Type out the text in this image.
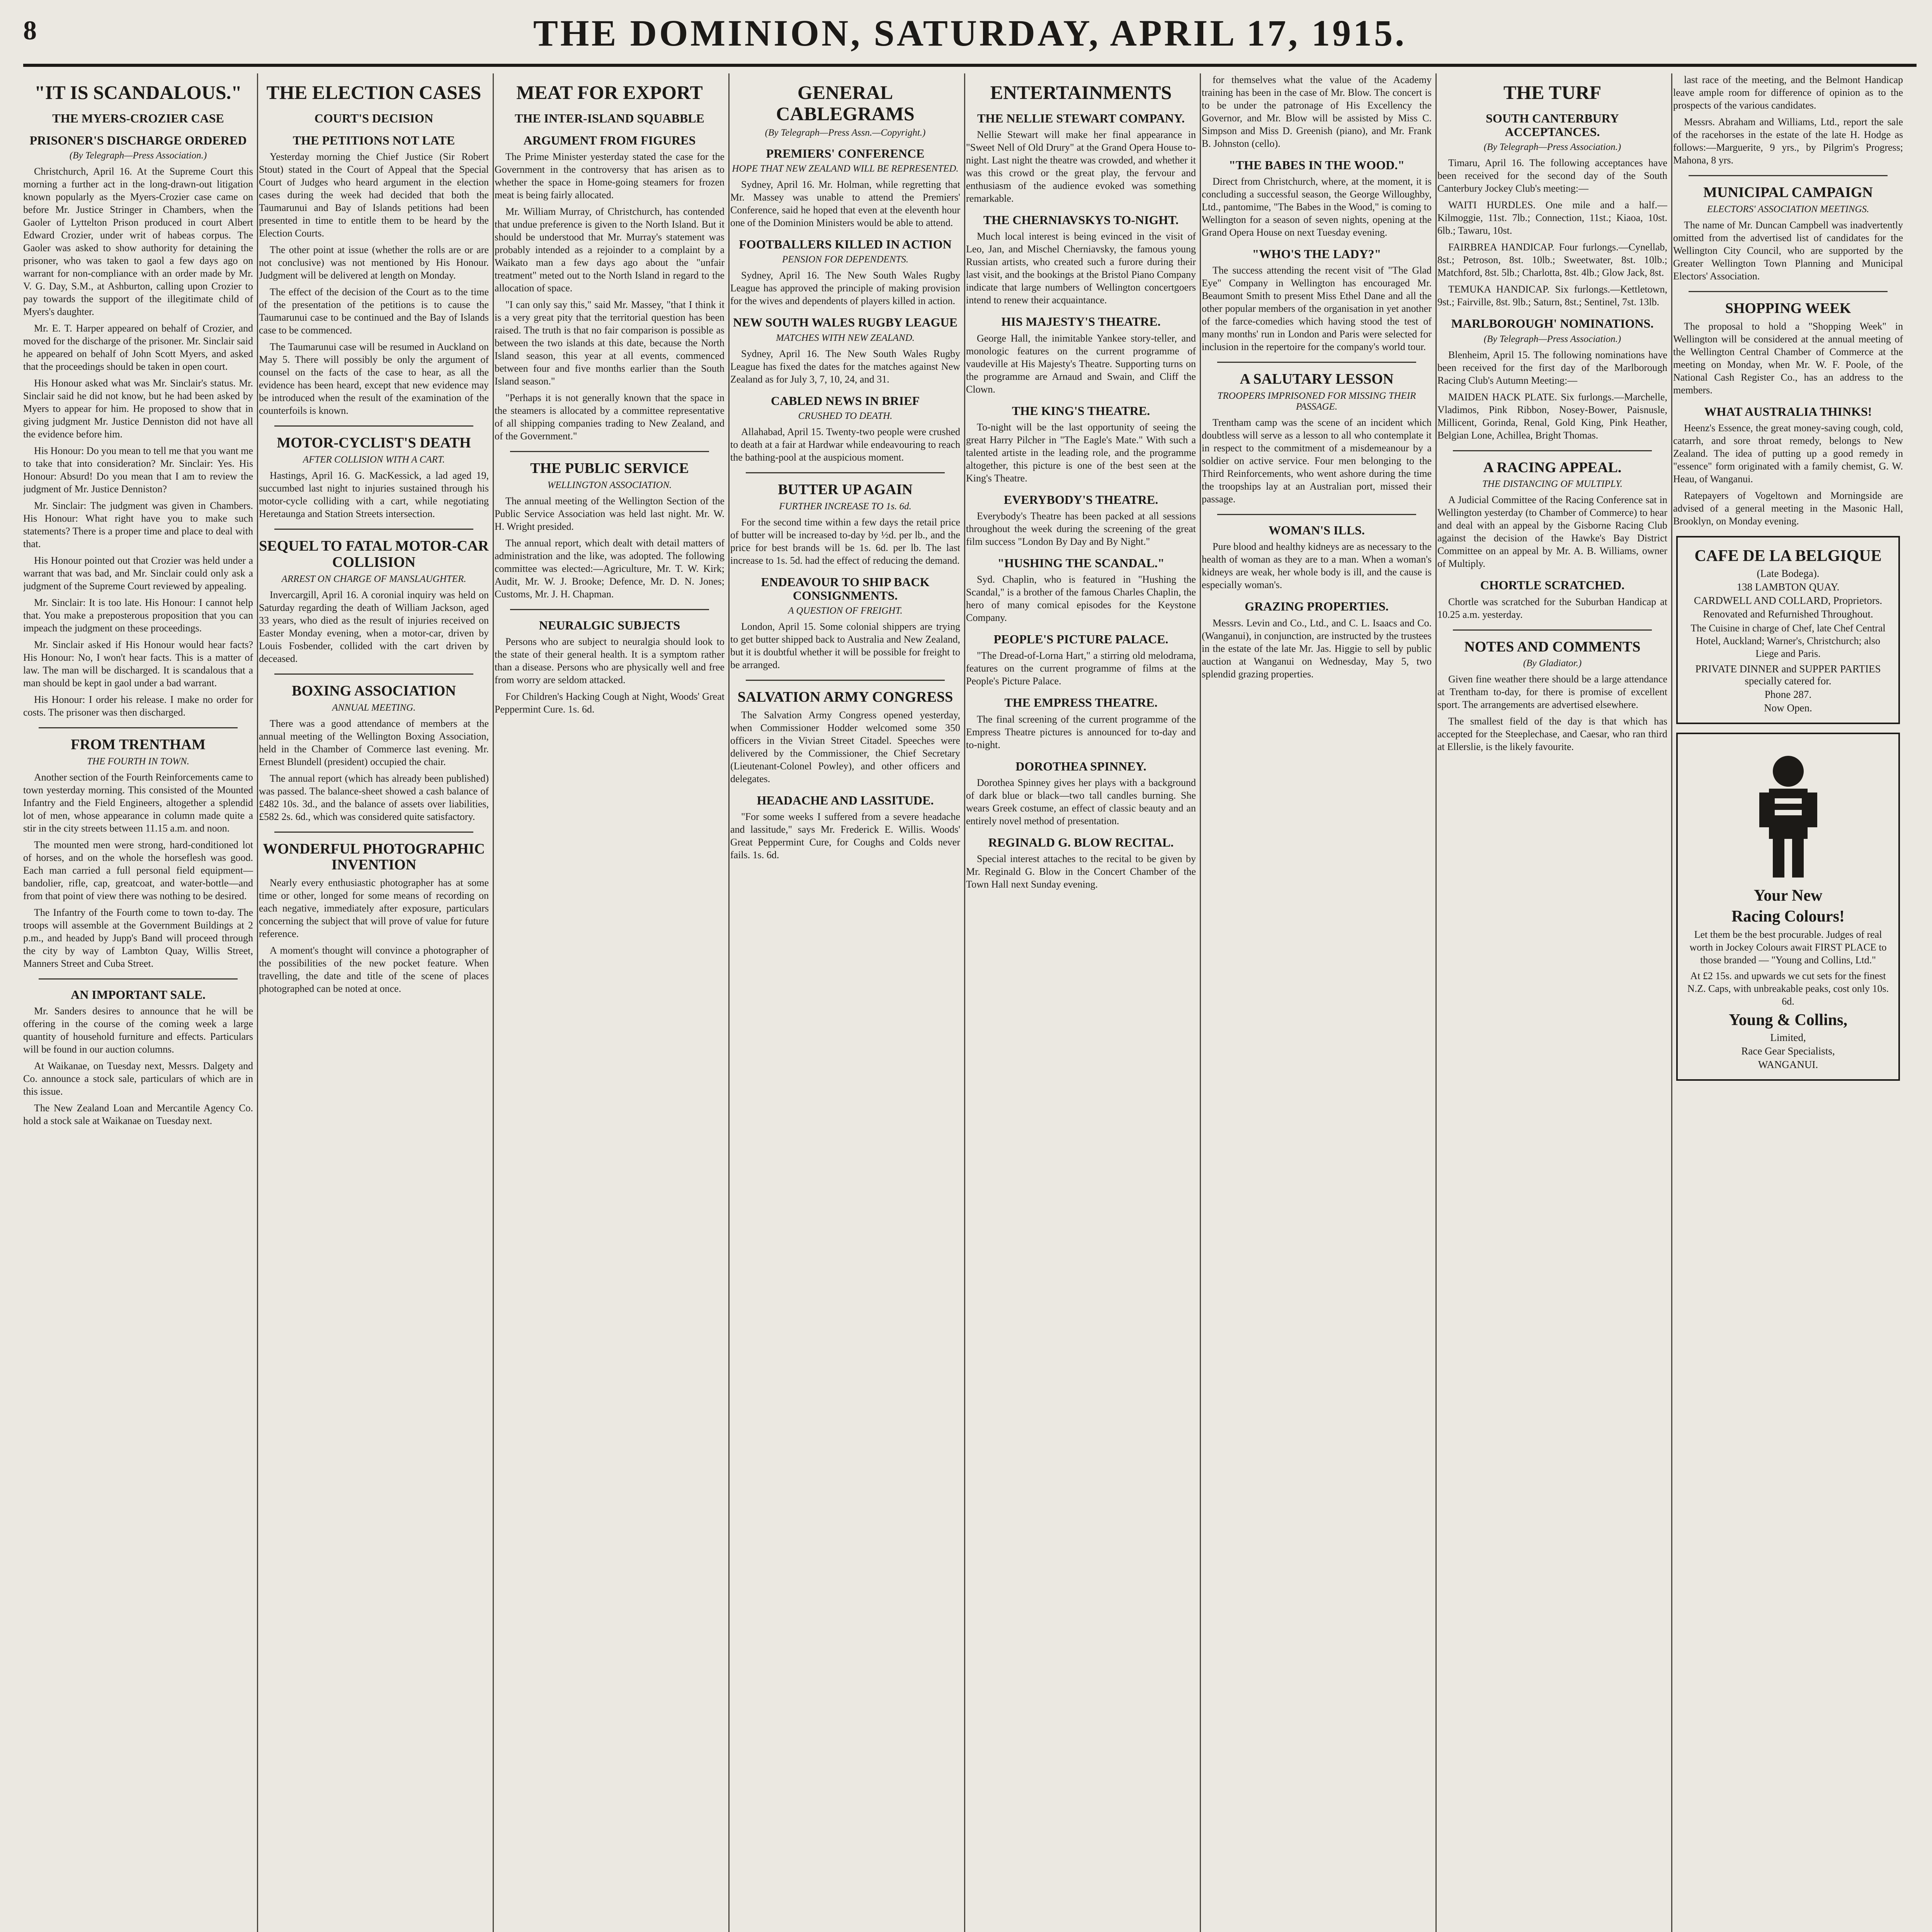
8	THE DOMINION, SATURDAY, APRIL 17, 1915.
"IT IS SCANDALOUS."
THE MYERS-CROZIER CASE
PRISONER'S DISCHARGE ORDERED
(By Telegraph—Press Association.)

Christchurch, April 16. At the Supreme Court this morning a further act in the long-drawn-out litigation known popularly as the Myers-Crozier case came on before Mr. Justice Stringer in Chambers, when the Gaoler of Lyttelton Prison produced in court Albert Edward Crozier, under writ of habeas corpus. The Gaoler was asked to show authority for detaining the prisoner, who was taken to gaol a few days ago on warrant for non-compliance with an order made by Mr. V. G. Day, S.M., at Ashburton, calling upon Crozier to pay towards the support of the illegitimate child of Myers's daughter.

Mr. E. T. Harper appeared on behalf of Crozier, and moved for the discharge of the prisoner. Mr. Sinclair said he appeared on behalf of John Scott Myers, and asked that the proceedings should be taken in open court.

His Honour asked what was Mr. Sinclair's status. Mr. Sinclair said he did not know, but he had been asked by Myers to appear for him. He proposed to show that in giving judgment Mr. Justice Denniston did not have all the evidence before him.

His Honour: Do you mean to tell me that you want me to take that into consideration? Mr. Sinclair: Yes. His Honour: Absurd! Do you mean that I am to review the judgment of Mr. Justice Denniston?

Mr. Sinclair: The judgment was given in Chambers. His Honour: What right have you to make such statements? There is a proper time and place to deal with that.

His Honour pointed out that Crozier was held under a warrant that was bad, and Mr. Sinclair could only ask a judgment of the Supreme Court reviewed by appealing.

Mr. Sinclair: It is too late. His Honour: I cannot help that. You make a preposterous proposition that you can impeach the judgment on these proceedings.

Mr. Sinclair asked if His Honour would hear facts? His Honour: No, I won't hear facts. This is a matter of law. The man will be discharged. It is scandalous that a man should be kept in gaol under a bad warrant.

His Honour: I order his release. I make no order for costs. The prisoner was then discharged.

FROM TRENTHAM
THE FOURTH IN TOWN.

Another section of the Fourth Reinforcements came to town yesterday morning. This consisted of the Mounted Infantry and the Field Engineers, altogether a splendid lot of men, whose appearance in column made quite a stir in the city streets between 11.15 a.m. and noon.

The mounted men were strong, hard-conditioned lot of horses, and on the whole the horseflesh was good. Each man carried a full personal field equipment—bandolier, rifle, cap, greatcoat, and water-bottle—and from that point of view there was nothing to be desired.

The Infantry of the Fourth come to town to-day. The troops will assemble at the Government Buildings at 2 p.m., and headed by Jupp's Band will proceed through the city by way of Lambton Quay, Willis Street, Manners Street and Cuba Street.

AN IMPORTANT SALE.

Mr. Sanders desires to announce that he will be offering in the course of the coming week a large quantity of household furniture and effects. Particulars will be found in our auction columns.

At Waikanae, on Tuesday next, Messrs. Dalgety and Co. announce a stock sale, particulars of which are in this issue.

The New Zealand Loan and Mercantile Agency Co. hold a stock sale at Waikanae on Tuesday next.

THE ELECTION CASES
COURT'S DECISION
THE PETITIONS NOT LATE

Yesterday morning the Chief Justice (Sir Robert Stout) stated in the Court of Appeal that the Special Court of Judges who heard argument in the election cases during the week had decided that both the Taumarunui and Bay of Islands petitions had been presented in time to entitle them to be heard by the Election Courts.

The other point at issue (whether the rolls are or are not conclusive) was not mentioned by His Honour. Judgment will be delivered at length on Monday.

The effect of the decision of the Court as to the time of the presentation of the petitions is to cause the Taumarunui case to be continued and the Bay of Islands case to be commenced.

The Taumarunui case will be resumed in Auckland on May 5. There will possibly be only the argument of counsel on the facts of the case to hear, as all the evidence has been heard, except that new evidence may be introduced when the result of the examination of the counterfoils is known.

MOTOR-CYCLIST'S DEATH
AFTER COLLISION WITH A CART.

Hastings, April 16. G. MacKessick, a lad aged 19, succumbed last night to injuries sustained through his motor-cycle colliding with a cart, while negotiating Heretaunga and Station Streets intersection.

SEQUEL TO FATAL MOTOR-CAR COLLISION
ARREST ON CHARGE OF MANSLAUGHTER.

Invercargill, April 16. A coronial inquiry was held on Saturday regarding the death of William Jackson, aged 33 years, who died as the result of injuries received on Easter Monday evening, when a motor-car, driven by Louis Fosbender, collided with the cart driven by deceased.

BOXING ASSOCIATION
ANNUAL MEETING.

There was a good attendance of members at the annual meeting of the Wellington Boxing Association, held in the Chamber of Commerce last evening. Mr. Ernest Blundell (president) occupied the chair.

The annual report (which has already been published) was passed. The balance-sheet showed a cash balance of £482 10s. 3d., and the balance of assets over liabilities, £582 2s. 6d., which was considered quite satisfactory.

WONDERFUL PHOTOGRAPHIC INVENTION

Nearly every enthusiastic photographer has at some time or other, longed for some means of recording on each negative, immediately after exposure, particulars concerning the subject that will prove of value for future reference.

A moment's thought will convince a photographer of the possibilities of the new pocket feature. When travelling, the date and title of the scene of places photographed can be noted at once.

MEAT FOR EXPORT
THE INTER-ISLAND SQUABBLE
ARGUMENT FROM FIGURES

The Prime Minister yesterday stated the case for the Government in the controversy that has arisen as to whether the space in Home-going steamers for frozen meat is being fairly allocated.

Mr. William Murray, of Christchurch, has contended that undue preference is given to the North Island. But it should be understood that Mr. Murray's statement was probably intended as a rejoinder to a complaint by a Waikato man a few days ago about the "unfair treatment" meted out to the North Island in regard to the allocation of space.

"I can only say this," said Mr. Massey, "that I think it is a very great pity that the territorial question has been raised. The truth is that no fair comparison is possible as between the two islands at this date, because the North Island season, this year at all events, commenced between four and five months earlier than the South Island season."

"Perhaps it is not generally known that the space in the steamers is allocated by a committee representative of all shipping companies trading to New Zealand, and of the Government."

THE PUBLIC SERVICE
WELLINGTON ASSOCIATION.

The annual meeting of the Wellington Section of the Public Service Association was held last night. Mr. W. H. Wright presided.

The annual report, which dealt with detail matters of administration and the like, was adopted. The following committee was elected:—Agriculture, Mr. T. W. Kirk; Audit, Mr. W. J. Brooke; Defence, Mr. D. N. Jones; Customs, Mr. J. H. Chapman.

NEURALGIC SUBJECTS

Persons who are subject to neuralgia should look to the state of their general health. It is a symptom rather than a disease. Persons who are physically well and free from worry are seldom attacked.

For Children's Hacking Cough at Night, Woods' Great Peppermint Cure. 1s. 6d.

GENERAL CABLEGRAMS
(By Telegraph—Press Assn.—Copyright.)
PREMIERS' CONFERENCE
HOPE THAT NEW ZEALAND WILL BE REPRESENTED.

Sydney, April 16. Mr. Holman, while regretting that Mr. Massey was unable to attend the Premiers' Conference, said he hoped that even at the eleventh hour one of the Dominion Ministers would be able to attend.

FOOTBALLERS KILLED IN ACTION
PENSION FOR DEPENDENTS.

Sydney, April 16. The New South Wales Rugby League has approved the principle of making provision for the wives and dependents of players killed in action.

NEW SOUTH WALES RUGBY LEAGUE
MATCHES WITH NEW ZEALAND.

Sydney, April 16. The New South Wales Rugby League has fixed the dates for the matches against New Zealand as for July 3, 7, 10, 24, and 31.

CABLED NEWS IN BRIEF
CRUSHED TO DEATH.

Allahabad, April 15. Twenty-two people were crushed to death at a fair at Hardwar while endeavouring to reach the bathing-pool at the auspicious moment.

BUTTER UP AGAIN
FURTHER INCREASE TO 1s. 6d.

For the second time within a few days the retail price of butter will be increased to-day by ½d. per lb., and the price for best brands will be 1s. 6d. per lb. The last increase to 1s. 5d. had the effect of reducing the demand.

ENDEAVOUR TO SHIP BACK CONSIGNMENTS.
A QUESTION OF FREIGHT.

London, April 15. Some colonial shippers are trying to get butter shipped back to Australia and New Zealand, but it is doubtful whether it will be possible for freight to be arranged.

SALVATION ARMY CONGRESS

The Salvation Army Congress opened yesterday, when Commissioner Hodder welcomed some 350 officers in the Vivian Street Citadel. Speeches were delivered by the Commissioner, the Chief Secretary (Lieutenant-Colonel Powley), and other officers and delegates.

HEADACHE AND LASSITUDE.

"For some weeks I suffered from a severe headache and lassitude," says Mr. Frederick E. Willis. Woods' Great Peppermint Cure, for Coughs and Colds never fails. 1s. 6d.

ENTERTAINMENTS
THE NELLIE STEWART COMPANY.

Nellie Stewart will make her final appearance in "Sweet Nell of Old Drury" at the Grand Opera House to-night. Last night the theatre was crowded, and whether it was this crowd or the great play, the fervour and enthusiasm of the audience evoked was something remarkable.

THE CHERNIAVSKYS TO-NIGHT.

Much local interest is being evinced in the visit of Leo, Jan, and Mischel Cherniavsky, the famous young Russian artists, who created such a furore during their last visit, and the bookings at the Bristol Piano Company indicate that large numbers of Wellington concertgoers intend to renew their acquaintance.

HIS MAJESTY'S THEATRE.

George Hall, the inimitable Yankee story-teller, and monologic features on the current programme of vaudeville at His Majesty's Theatre. Supporting turns on the programme are Arnaud and Swain, and Cliff the Clown.

THE KING'S THEATRE.

To-night will be the last opportunity of seeing the great Harry Pilcher in "The Eagle's Mate." With such a talented artiste in the leading role, and the programme altogether, this picture is one of the best seen at the King's Theatre.

EVERYBODY'S THEATRE.

Everybody's Theatre has been packed at all sessions throughout the week during the screening of the great film success "London By Day and By Night."

"HUSHING THE SCANDAL."

Syd. Chaplin, who is featured in "Hushing the Scandal," is a brother of the famous Charles Chaplin, the hero of many comical episodes for the Keystone Company.

PEOPLE'S PICTURE PALACE.

"The Dread-of-Lorna Hart," a stirring old melodrama, features on the current programme of films at the People's Picture Palace.

THE EMPRESS THEATRE.

The final screening of the current programme of the Empress Theatre pictures is announced for to-day and to-night.

DOROTHEA SPINNEY.

Dorothea Spinney gives her plays with a background of dark blue or black—two tall candles burning. She wears Greek costume, an effect of classic beauty and an entirely novel method of presentation.

REGINALD G. BLOW RECITAL.

Special interest attaches to the recital to be given by Mr. Reginald G. Blow in the Concert Chamber of the Town Hall next Sunday evening.

for themselves what the value of the Academy training has been in the case of Mr. Blow. The concert is to be under the patronage of His Excellency the Governor, and Mr. Blow will be assisted by Miss C. Simpson and Miss D. Greenish (piano), and Mr. Frank B. Johnston (cello).

"THE BABES IN THE WOOD."

Direct from Christchurch, where, at the moment, it is concluding a successful season, the George Willoughby, Ltd., pantomime, "The Babes in the Wood," is coming to Wellington for a season of seven nights, opening at the Grand Opera House on next Tuesday evening.

"WHO'S THE LADY?"

The success attending the recent visit of "The Glad Eye" Company in Wellington has encouraged Mr. Beaumont Smith to present Miss Ethel Dane and all the other popular members of the organisation in yet another of the farce-comedies which having stood the test of many months' run in London and Paris were selected for inclusion in the repertoire for the company's world tour.

A SALUTARY LESSON
TROOPERS IMPRISONED FOR MISSING THEIR PASSAGE.

Trentham camp was the scene of an incident which doubtless will serve as a lesson to all who contemplate it in respect to the commitment of a misdemeanour by a soldier on active service. Four men belonging to the Third Reinforcements, who went ashore during the time the troopships lay at an Australian port, missed their passage.

WOMAN'S ILLS.

Pure blood and healthy kidneys are as necessary to the health of woman as they are to a man. When a woman's kidneys are weak, her whole body is ill, and the cause is especially woman's.

GRAZING PROPERTIES.

Messrs. Levin and Co., Ltd., and C. L. Isaacs and Co. (Wanganui), in conjunction, are instructed by the trustees in the estate of the late Mr. Jas. Higgie to sell by public auction at Wanganui on Wednesday, May 5, two splendid grazing properties.

THE TURF
SOUTH CANTERBURY ACCEPTANCES.
(By Telegraph—Press Association.)

Timaru, April 16. The following acceptances have been received for the second day of the South Canterbury Jockey Club's meeting:—

WAITI HURDLES. One mile and a half.—Kilmoggie, 11st. 7lb.; Connection, 11st.; Kiaoa, 10st. 6lb.; Tawaru, 10st.

FAIRBREA HANDICAP. Four furlongs.—Cynellab, 8st.; Petroson, 8st. 10lb.; Sweetwater, 8st. 10lb.; Matchford, 8st. 5lb.; Charlotta, 8st. 4lb.; Glow Jack, 8st.

TEMUKA HANDICAP. Six furlongs.—Kettletown, 9st.; Fairville, 8st. 9lb.; Saturn, 8st.; Sentinel, 7st. 13lb.

MARLBOROUGH' NOMINATIONS.
(By Telegraph—Press Association.)

Blenheim, April 15. The following nominations have been received for the first day of the Marlborough Racing Club's Autumn Meeting:—

MAIDEN HACK PLATE. Six furlongs.—Marchelle, Vladimos, Pink Ribbon, Nosey-Bower, Paisnusle, Millicent, Gorinda, Renal, Gold King, Pink Heather, Belgian Lone, Achillea, Bright Thomas.

A RACING APPEAL.
THE DISTANCING OF MULTIPLY.

A Judicial Committee of the Racing Conference sat in Wellington yesterday (to Chamber of Commerce) to hear and deal with an appeal by the Gisborne Racing Club against the decision of the Hawke's Bay District Committee on an appeal by Mr. A. B. Williams, owner of Multiply.

CHORTLE SCRATCHED.

Chortle was scratched for the Suburban Handicap at 10.25 a.m. yesterday.

NOTES AND COMMENTS
(By Gladiator.)

Given fine weather there should be a large attendance at Trentham to-day, for there is promise of excellent sport. The arrangements are advertised elsewhere.

The smallest field of the day is that which has accepted for the Steeplechase, and Caesar, who ran third at Ellerslie, is the likely favourite.

last race of the meeting, and the Belmont Handicap leave ample room for difference of opinion as to the prospects of the various candidates.

Messrs. Abraham and Williams, Ltd., report the sale of the racehorses in the estate of the late H. Hodge as follows:—Marguerite, 9 yrs., by Pilgrim's Progress; Mahona, 8 yrs.

MUNICIPAL CAMPAIGN
ELECTORS' ASSOCIATION MEETINGS.

The name of Mr. Duncan Campbell was inadvertently omitted from the advertised list of candidates for the Wellington City Council, who are supported by the Greater Wellington Town Planning and Municipal Electors' Association.

SHOPPING WEEK

The proposal to hold a "Shopping Week" in Wellington will be considered at the annual meeting of the Wellington Central Chamber of Commerce at the meeting on Monday, when Mr. W. F. Poole, of the National Cash Register Co., has an address to the members.

WHAT AUSTRALIA THINKS!

Heenz's Essence, the great money-saving cough, cold, catarrh, and sore throat remedy, belongs to New Zealand. The idea of putting up a good remedy in "essence" form originated with a family chemist, G. W. Heau, of Wanganui.

Ratepayers of Vogeltown and Morningside are advised of a general meeting in the Masonic Hall, Brooklyn, on Monday evening.

CAFE DE LA BELGIQUE
(Late Bodega).
138 LAMBTON QUAY.
CARDWELL AND COLLARD, Proprietors.
Renovated and Refurnished Throughout.
The Cuisine in charge of Chef, late Chef Central Hotel, Auckland; Warner's, Christchurch; also Liege and Paris.
PRIVATE DINNER and SUPPER PARTIES specially catered for.
Phone 287.
Now Open.
Your New
Racing Colours!
Let them be the best procurable. Judges of real worth in Jockey Colours await FIRST PLACE to those branded — "Young and Collins, Ltd."
At £2 15s. and upwards we cut sets for the finest N.Z. Caps, with unbreakable peaks, cost only 10s. 6d.
Young & Collins,
Limited,
Race Gear Specialists,
WANGANUI.
